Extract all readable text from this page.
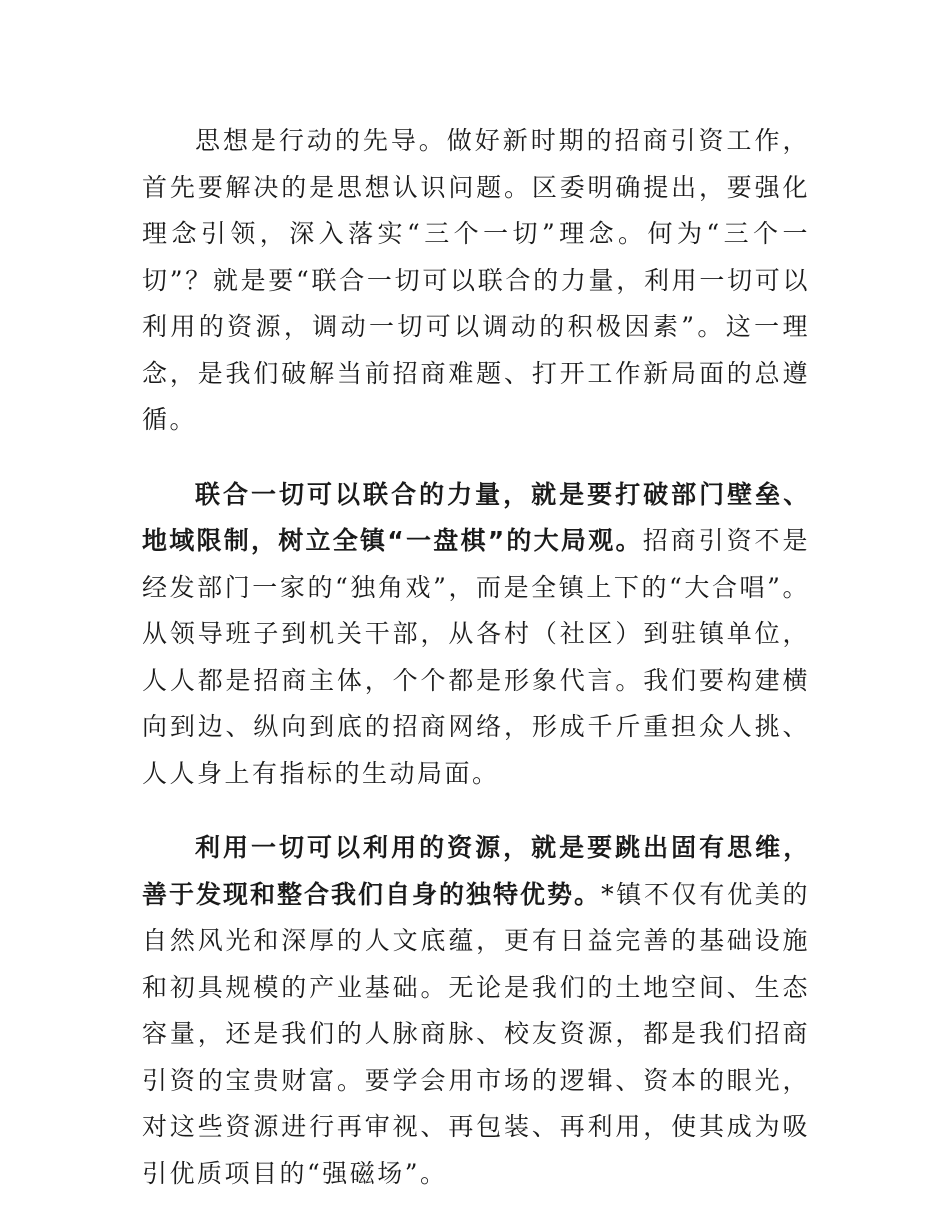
思想是行动的先导。做好新时期的招商引资工作，首先要解决的是思想认识问题。区委明确提出，要强化理念引领，深入落实“三个一切”理念。何为“三个一切”？就是要“联合一切可以联合的力量，利用一切可以利用的资源，调动一切可以调动的积极因素”。这一理念，是我们破解当前招商难题、打开工作新局面的总遵循。

联合一切可以联合的力量，就是要打破部门壁垒、地域限制，树立全镇“一盘棋”的大局观。招商引资不是经发部门一家的“独角戏”，而是全镇上下的“大合唱”。从领导班子到机关干部，从各村（社区）到驻镇单位，人人都是招商主体，个个都是形象代言。我们要构建横向到边、纵向到底的招商网络，形成千斤重担众人挑、人人身上有指标的生动局面。

利用一切可以利用的资源，就是要跳出固有思维，善于发现和整合我们自身的独特优势。*镇不仅有优美的自然风光和深厚的人文底蕴，更有日益完善的基础设施和初具规模的产业基础。无论是我们的土地空间、生态容量，还是我们的人脉商脉、校友资源，都是我们招商引资的宝贵财富。要学会用市场的逻辑、资本的眼光，对这些资源进行再审视、再包装、再利用，使其成为吸引优质项目的“强磁场”。
